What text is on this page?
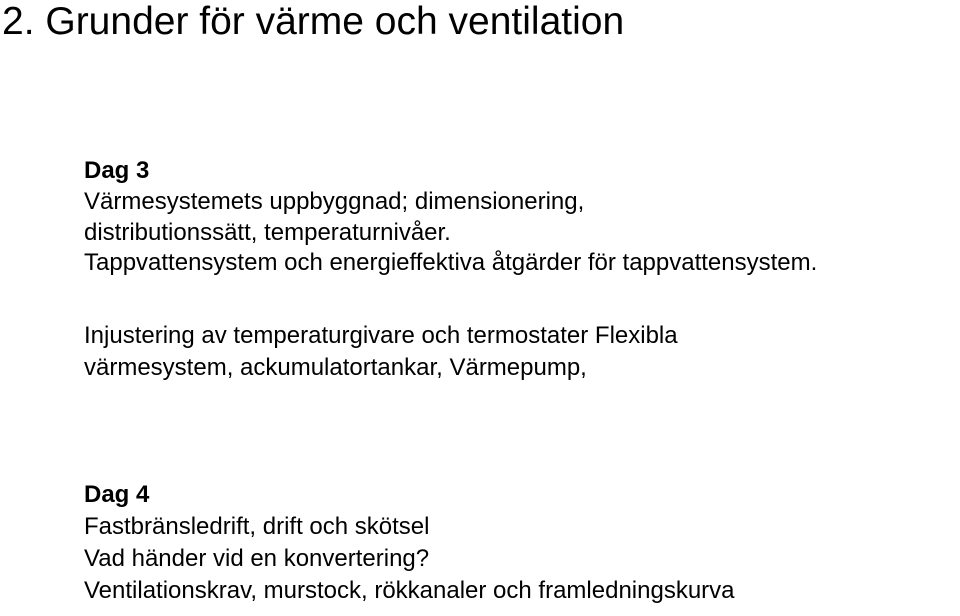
2. Grunder för värme och ventilation
Dag 3
Värmesystemets uppbyggnad; dimensionering,
distributionssätt, temperaturnivåer.
Tappvattensystem och energieffektiva åtgärder för tappvattensystem.
Injustering av temperaturgivare och termostater Flexibla
värmesystem, ackumulatortankar, Värmepump,
Dag 4
Fastbränsledrift, drift och skötsel
Vad händer vid en konvertering?
Ventilationskrav, murstock, rökkanaler och framledningskurva
